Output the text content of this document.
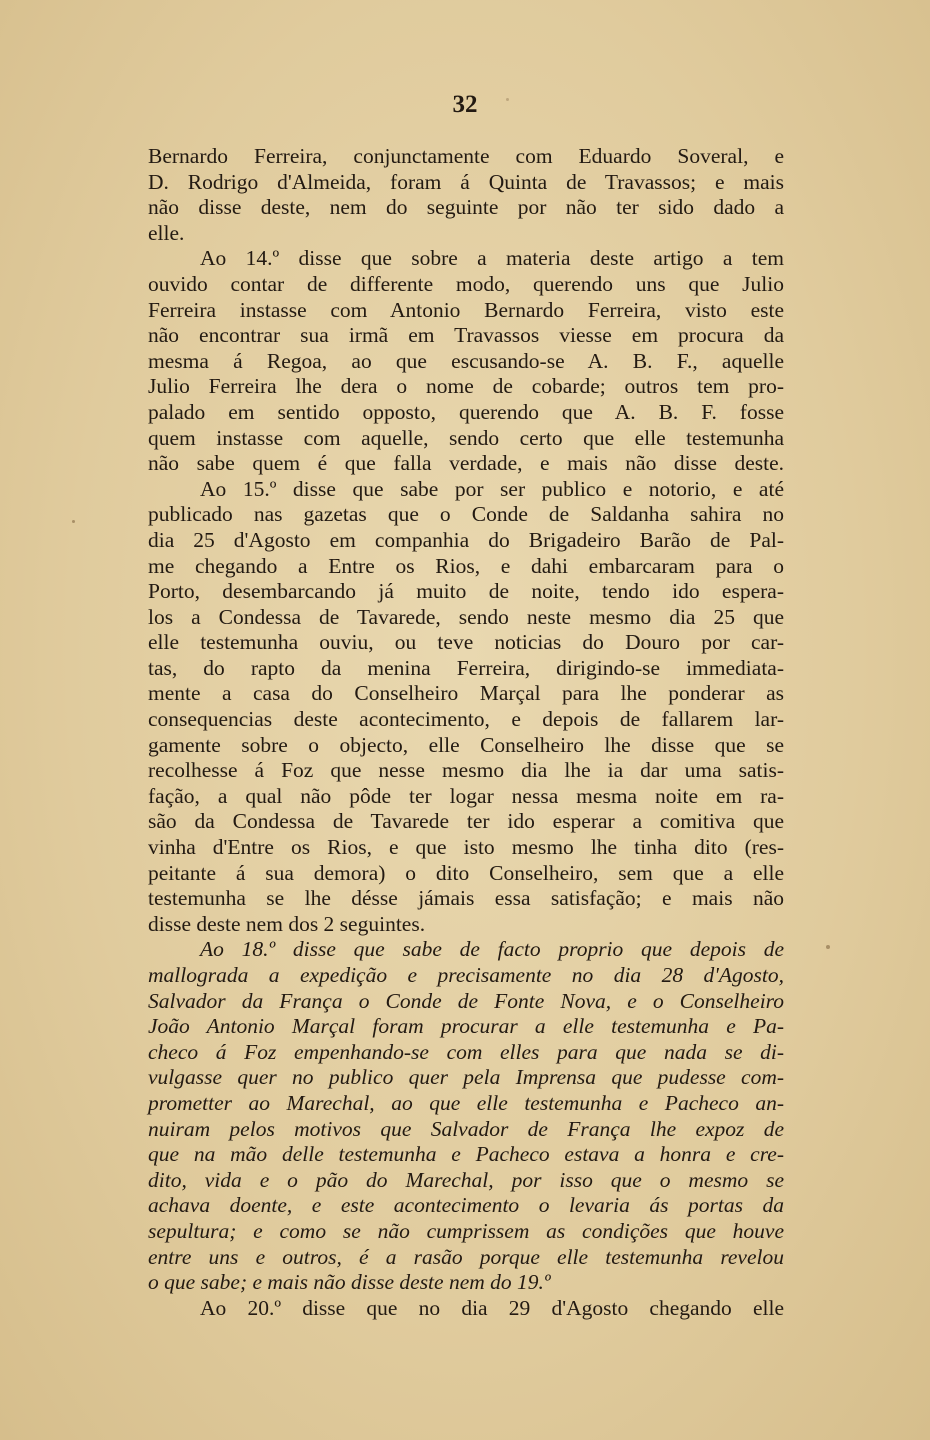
32
Bernardo Ferreira, conjunctamente com Eduardo Soveral, e
D. Rodrigo d'Almeida, foram á Quinta de Travassos; e mais
não disse deste, nem do seguinte por não ter sido dado a
elle.
Ao 14.º disse que sobre a materia deste artigo a tem
ouvido contar de differente modo, querendo uns que Julio
Ferreira instasse com Antonio Bernardo Ferreira, visto este
não encontrar sua irmã em Travassos viesse em procura da
mesma á Regoa, ao que escusando-se A. B. F., aquelle
Julio Ferreira lhe dera o nome de cobarde; outros tem pro-
palado em sentido opposto, querendo que A. B. F. fosse
quem instasse com aquelle, sendo certo que elle testemunha
não sabe quem é que falla verdade, e mais não disse deste.
Ao 15.º disse que sabe por ser publico e notorio, e até
publicado nas gazetas que o Conde de Saldanha sahira no
dia 25 d'Agosto em companhia do Brigadeiro Barão de Pal-
me chegando a Entre os Rios, e dahi embarcaram para o
Porto, desembarcando já muito de noite, tendo ido espera-
los a Condessa de Tavarede, sendo neste mesmo dia 25 que
elle testemunha ouviu, ou teve noticias do Douro por car-
tas, do rapto da menina Ferreira, dirigindo-se immediata-
mente a casa do Conselheiro Marçal para lhe ponderar as
consequencias deste acontecimento, e depois de fallarem lar-
gamente sobre o objecto, elle Conselheiro lhe disse que se
recolhesse á Foz que nesse mesmo dia lhe ia dar uma satis-
fação, a qual não pôde ter logar nessa mesma noite em ra-
são da Condessa de Tavarede ter ido esperar a comitiva que
vinha d'Entre os Rios, e que isto mesmo lhe tinha dito (res-
peitante á sua demora) o dito Conselheiro, sem que a elle
testemunha se lhe désse jámais essa satisfação; e mais não
disse deste nem dos 2 seguintes.
Ao 18.º disse que sabe de facto proprio que depois de
mallograda a expedição e precisamente no dia 28 d'Agosto,
Salvador da França o Conde de Fonte Nova, e o Conselheiro
João Antonio Marçal foram procurar a elle testemunha e Pa-
checo á Foz empenhando-se com elles para que nada se di-
vulgasse quer no publico quer pela Imprensa que pudesse com-
prometter ao Marechal, ao que elle testemunha e Pacheco an-
nuiram pelos motivos que Salvador de França lhe expoz de
que na mão delle testemunha e Pacheco estava a honra e cre-
dito, vida e o pão do Marechal, por isso que o mesmo se
achava doente, e este acontecimento o levaria ás portas da
sepultura; e como se não cumprissem as condições que houve
entre uns e outros, é a rasão porque elle testemunha revelou
o que sabe; e mais não disse deste nem do 19.º
Ao 20.º disse que no dia 29 d'Agosto chegando elle
